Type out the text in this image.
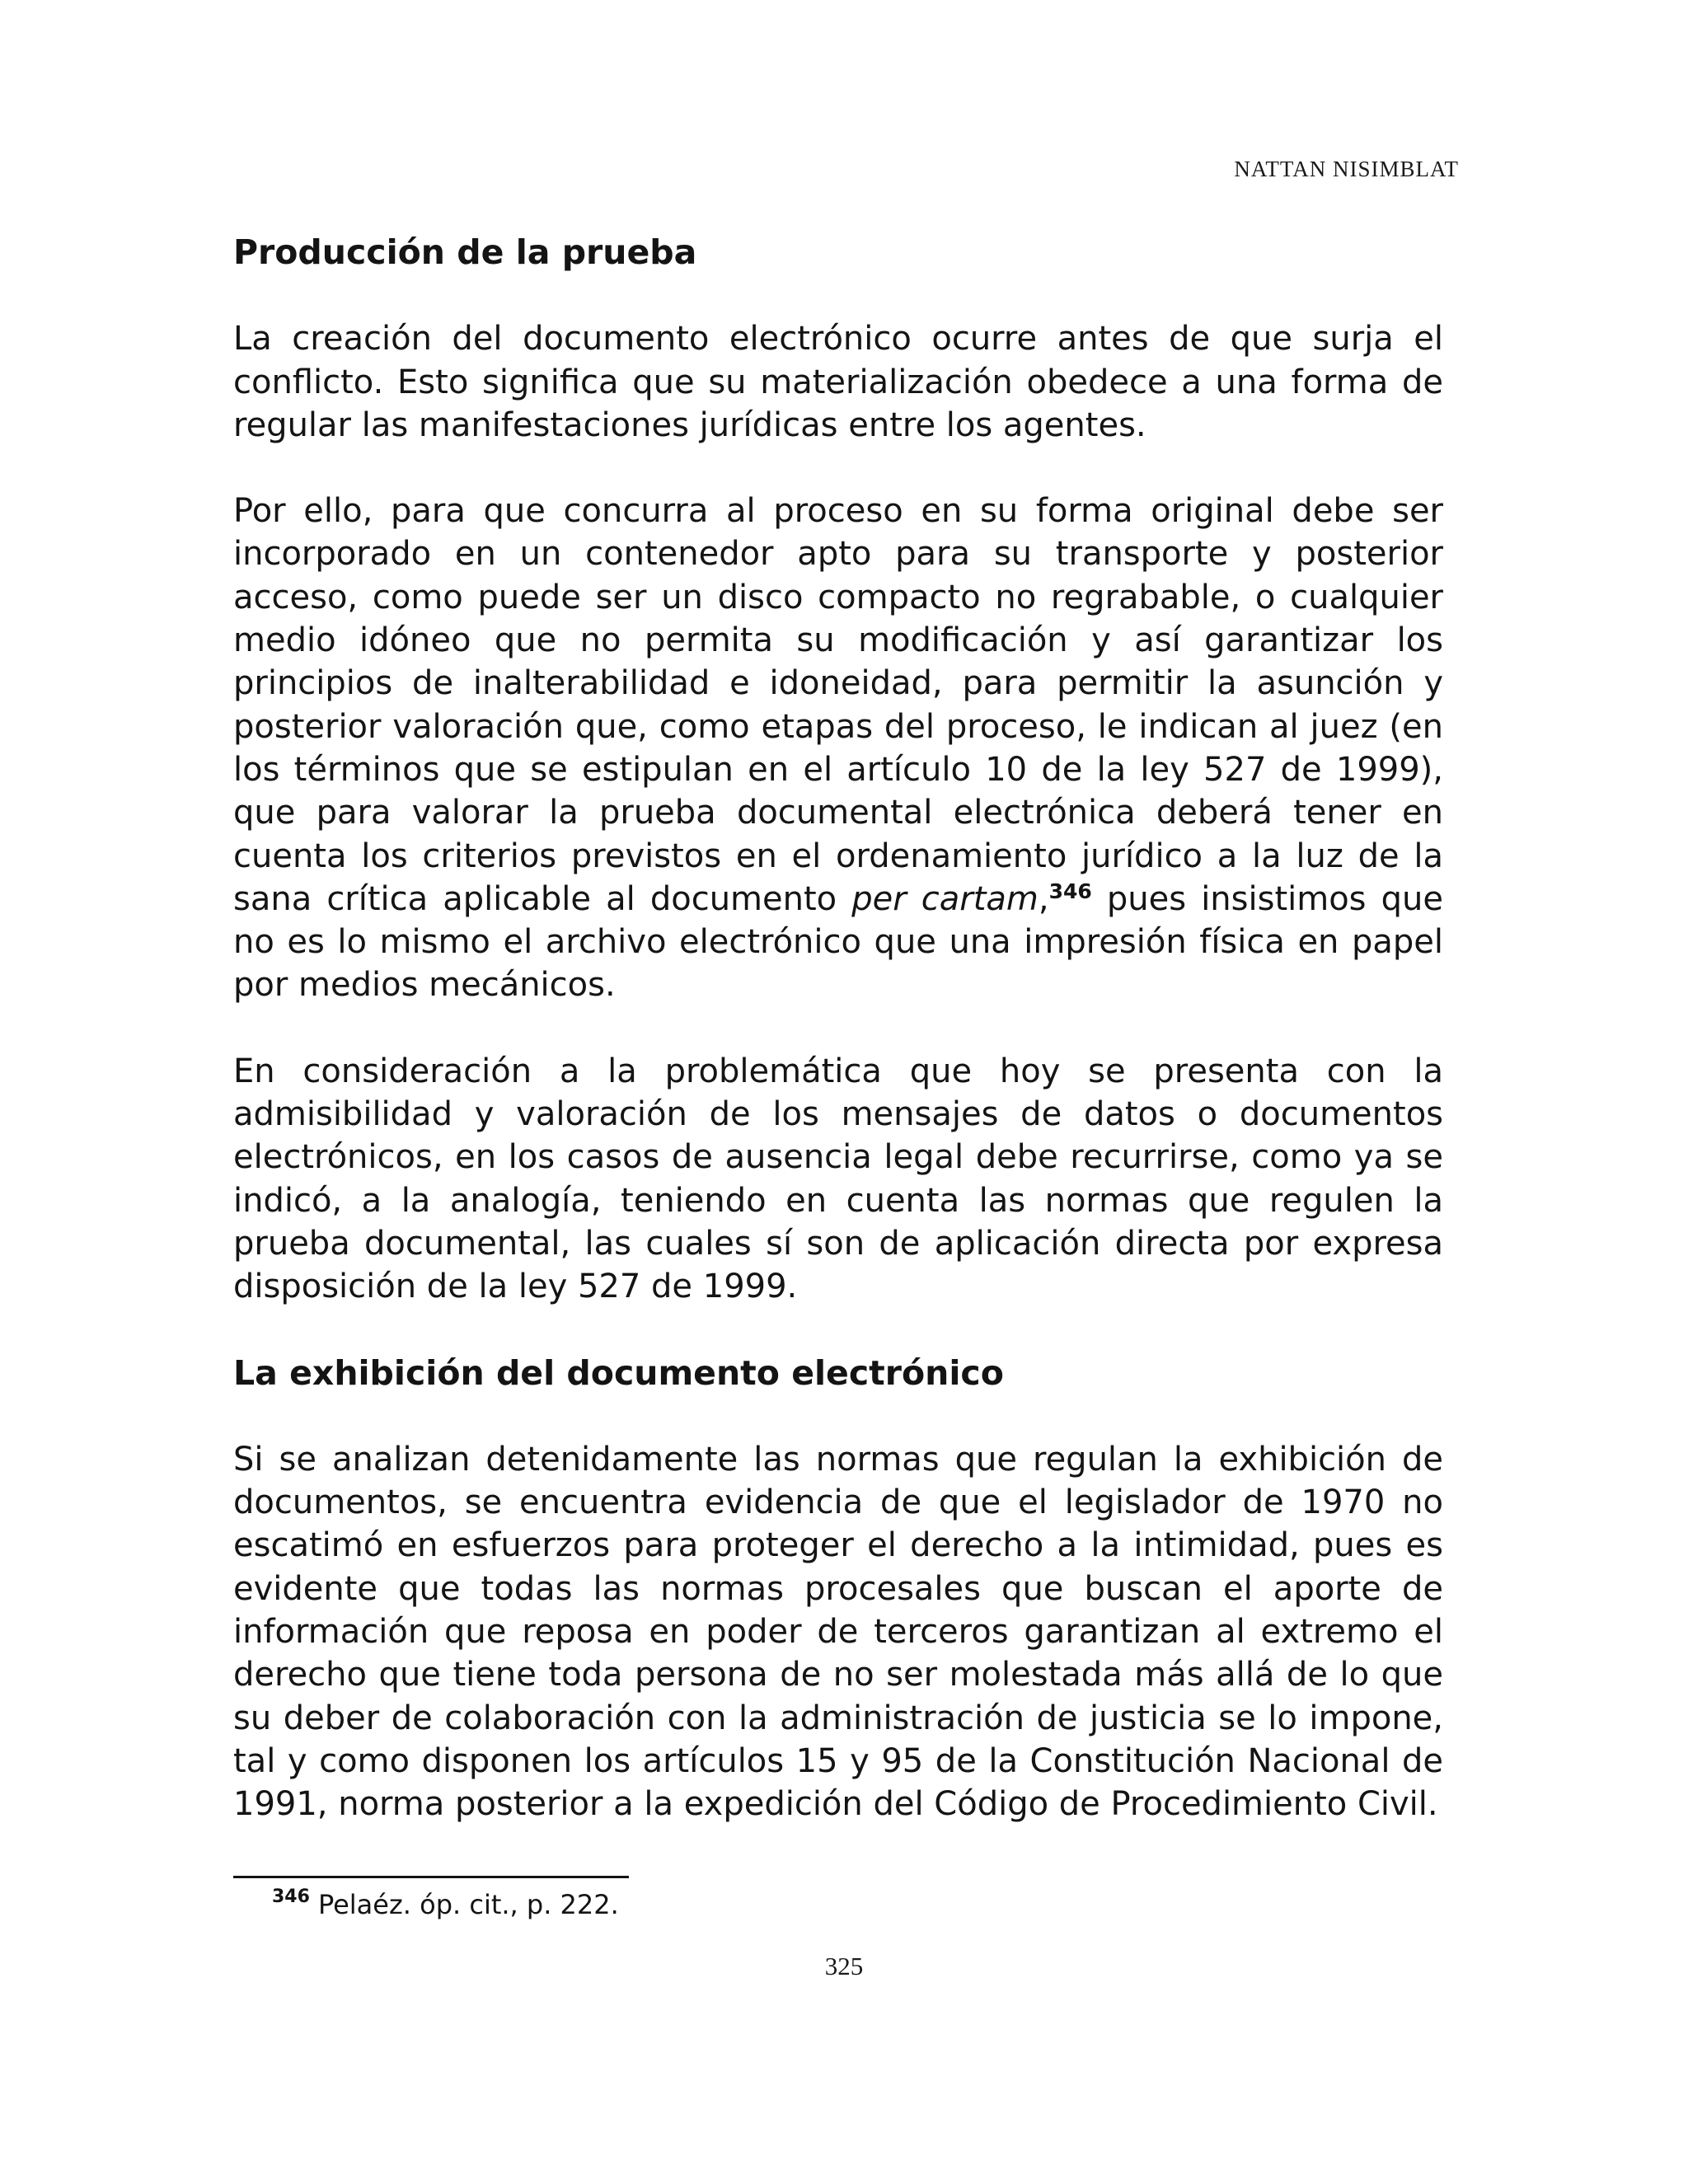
NATTAN NISIMBLAT

Producción de la prueba

La creación del documento electrónico ocurre antes de que surja el conflicto. Esto significa que su materialización obedece a una forma de regular las manifestaciones jurídicas entre los agentes.

Por ello, para que concurra al proceso en su forma original debe ser incorporado en un contenedor apto para su transporte y posterior acceso, como puede ser un disco compacto no regrabable, o cualquier medio idóneo que no permita su modificación y así garantizar los principios de inalterabilidad e idoneidad, para permitir la asunción y posterior valoración que, como etapas del proceso, le indican al juez (en los términos que se estipulan en el artículo 10 de la ley 527 de 1999), que para valorar la prueba documental electrónica deberá tener en cuenta los criterios previstos en el ordenamiento jurídico a la luz de la sana crítica aplicable al documento per cartam,$^{346}$ pues insistimos que no es lo mismo el archivo electrónico que una impresión física en papel por medios mecánicos.

En consideración a la problemática que hoy se presenta con la admisibilidad y valoración de los mensajes de datos o documentos electrónicos, en los casos de ausencia legal debe recurrirse, como ya se indicó, a la analogía, teniendo en cuenta las normas que regulen la prueba documental, las cuales sí son de aplicación directa por expresa disposición de la ley 527 de 1999.

La exhibición del documento electrónico

Si se analizan detenidamente las normas que regulan la exhibición de documentos, se encuentra evidencia de que el legislador de 1970 no escatimó en esfuerzos para proteger el derecho a la intimidad, pues es evidente que todas las normas procesales que buscan el aporte de información que reposa en poder de terceros garantizan al extremo el derecho que tiene toda persona de no ser molestada más allá de lo que su deber de colaboración con la administración de justicia se lo impone, tal y como disponen los artículos 15 y 95 de la Constitución Nacional de 1991, norma posterior a la expedición del Código de Procedimiento Civil.

$^{346}$ Pelaéz. óp. cit., p. 222.

325
